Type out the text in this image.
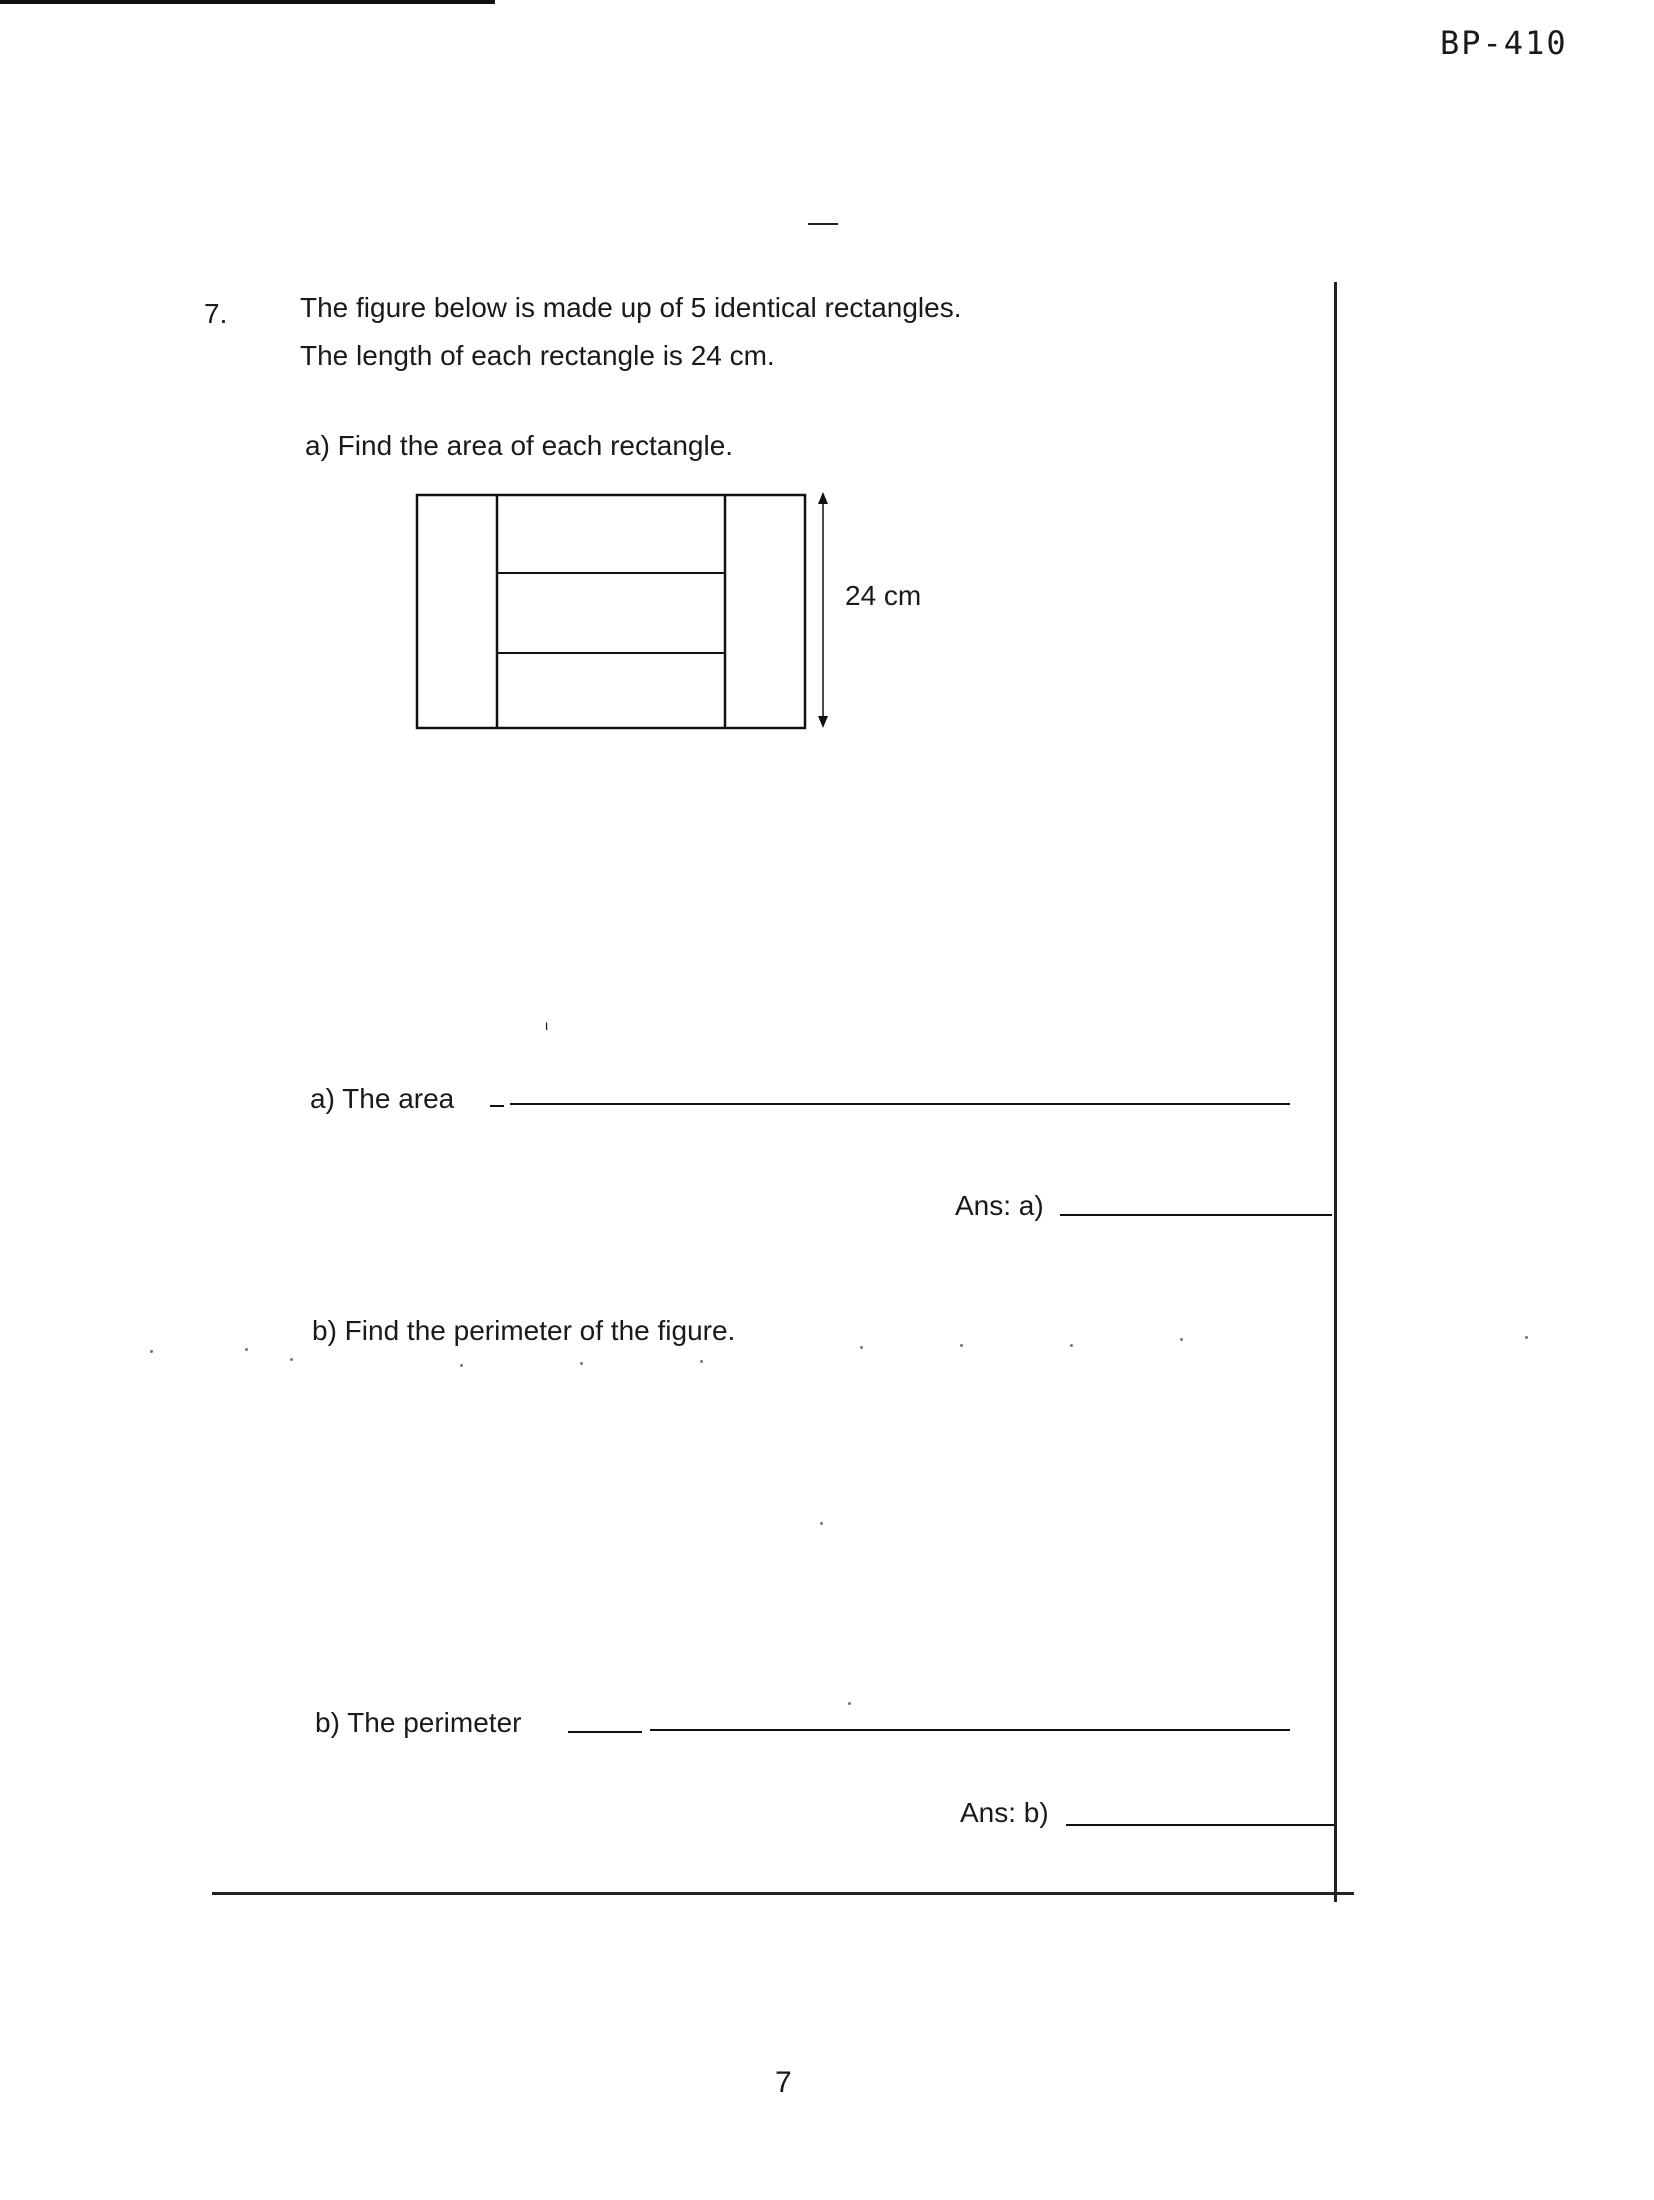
BP-410
7.	The figure below is made up of 5 identical rectangles.
The length of each rectangle is 24 cm.
a) Find the area of each rectangle.
24 cm
ι
a) The area
Ans: a)
b) Find the perimeter of the figure.
b) The perimeter
Ans: b)
7
